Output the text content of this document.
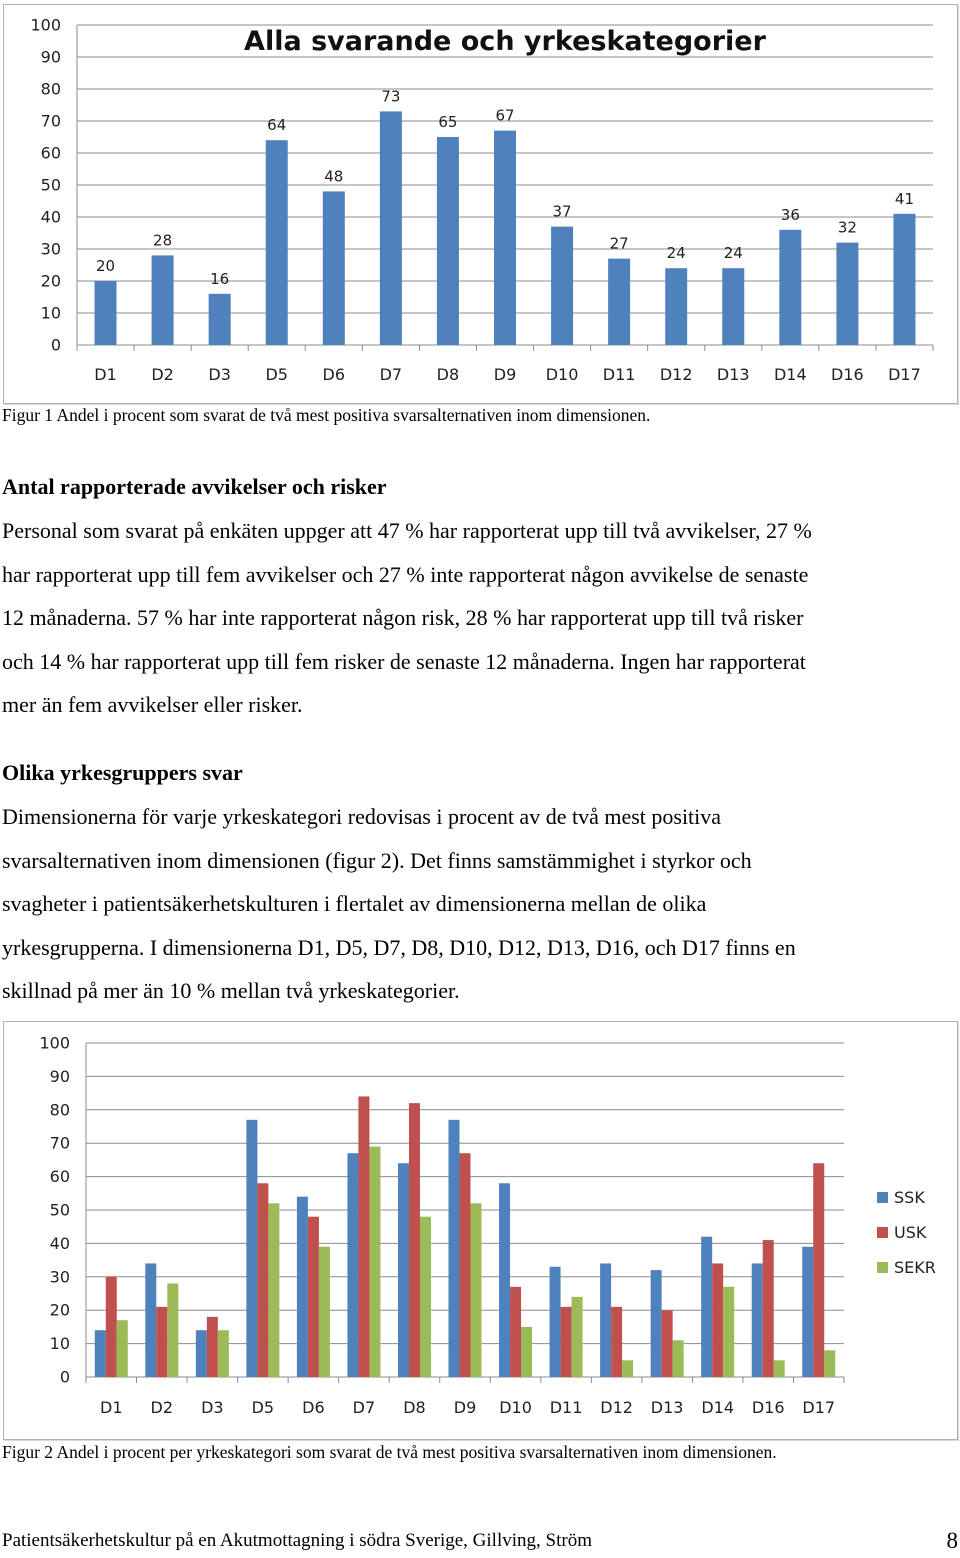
0
10
20
30
40
50
60
70
80
90
100
20
D1
28
D2
16
D3
64
D5
48
D6
73
D7
65
D8
67
D9
37
D10
27
D11
24
D12
24
D13
36
D14
32
D16
41
D17
Alla svarande och yrkeskategorier
Figur 1 Andel i procent som svarat de två mest positiva svarsalternativen inom dimensionen.
Antal rapporterade avvikelser och risker
Personal som svarat på enkäten uppger att 47 % har rapporterat upp till två avvikelser, 27 %
har rapporterat upp till fem avvikelser och 27 % inte rapporterat någon avvikelse de senaste
12 månaderna. 57 % har inte rapporterat någon risk, 28 % har rapporterat upp till två risker
och 14 % har rapporterat upp till fem risker de senaste 12 månaderna. Ingen har rapporterat
mer än fem avvikelser eller risker.
Olika yrkesgruppers svar
Dimensionerna för varje yrkeskategori redovisas i procent av de två mest positiva
svarsalternativen inom dimensionen (figur 2). Det finns samstämmighet i styrkor och
svagheter i patientsäkerhetskulturen i flertalet av dimensionerna mellan de olika
yrkesgrupperna. I dimensionerna D1, D5, D7, D8, D10, D12, D13, D16, och D17 finns en
skillnad på mer än 10 % mellan två yrkeskategorier.
0
10
20
30
40
50
60
70
80
90
100
D1 D2 D3 D5 D6 D7 D8 D9 D10 D11 D12 D13 D14 D16 D17
SSK
USK
SEKR
Figur 2 Andel i procent per yrkeskategori som svarat de två mest positiva svarsalternativen inom dimensionen.
Patientsäkerhetskultur på en Akutmottagning i södra Sverige, Gillving, Ström	8
